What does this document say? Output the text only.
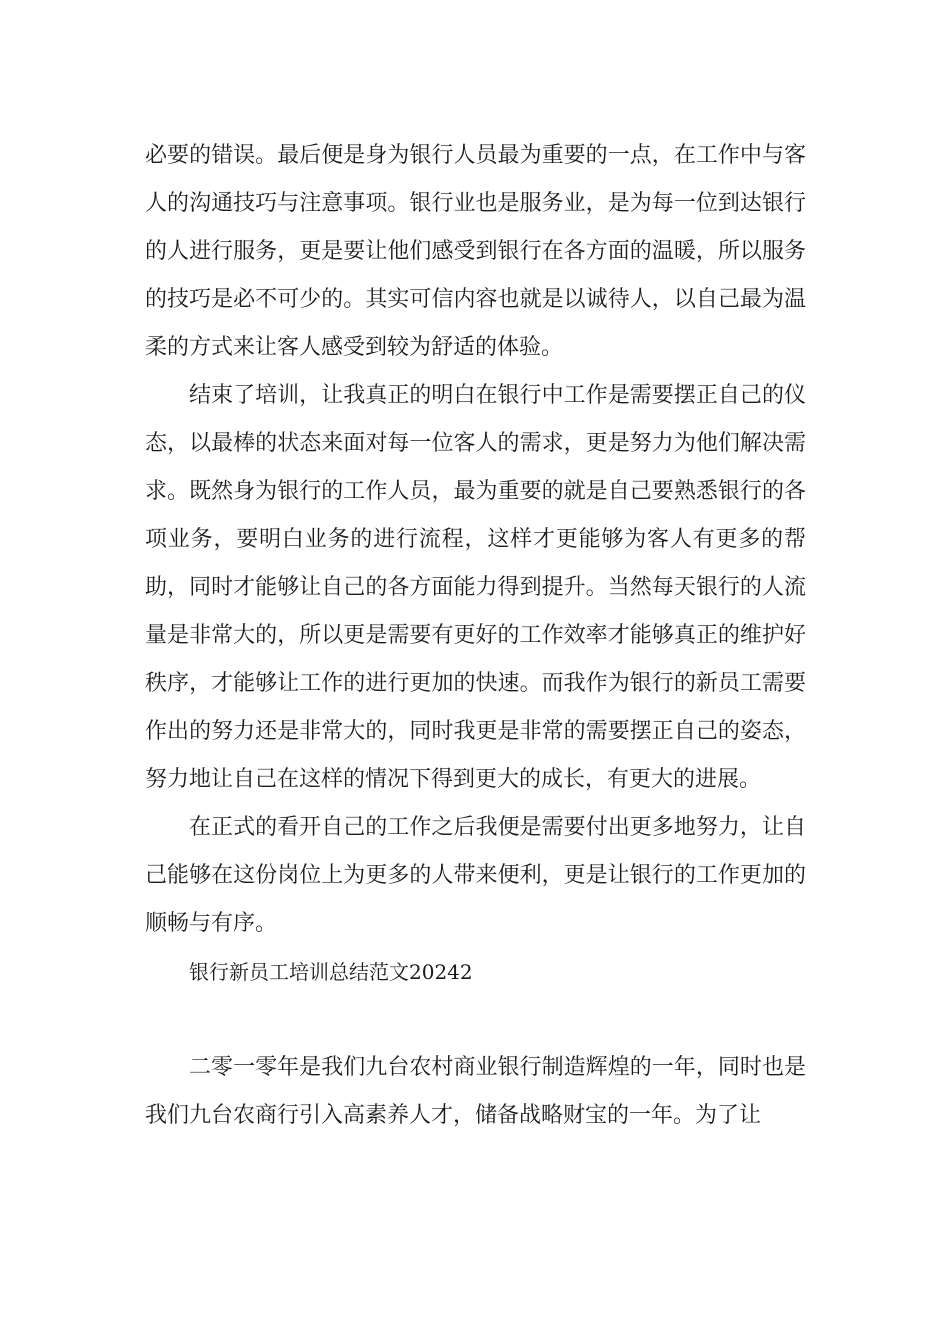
必要的错误。最后便是身为银行人员最为重要的一点，在工作中与客人的沟通技巧与注意事项。银行业也是服务业，是为每一位到达银行的人进行服务，更是要让他们感受到银行在各方面的温暖，所以服务的技巧是必不可少的。其实可信内容也就是以诚待人，以自己最为温柔的方式来让客人感受到较为舒适的体验。

结束了培训，让我真正的明白在银行中工作是需要摆正自己的仪态，以最棒的状态来面对每一位客人的需求，更是努力为他们解决需求。既然身为银行的工作人员，最为重要的就是自己要熟悉银行的各项业务，要明白业务的进行流程，这样才更能够为客人有更多的帮助，同时才能够让自己的各方面能力得到提升。当然每天银行的人流量是非常大的，所以更是需要有更好的工作效率才能够真正的维护好秩序，才能够让工作的进行更加的快速。而我作为银行的新员工需要作出的努力还是非常大的，同时我更是非常的需要摆正自己的姿态，努力地让自己在这样的情况下得到更大的成长，有更大的进展。

在正式的看开自己的工作之后我便是需要付出更多地努力，让自己能够在这份岗位上为更多的人带来便利，更是让银行的工作更加的顺畅与有序。

银行新员工培训总结范文20242

二零一零年是我们九台农村商业银行制造辉煌的一年，同时也是我们九台农商行引入高素养人才，储备战略财宝的一年。为了让
